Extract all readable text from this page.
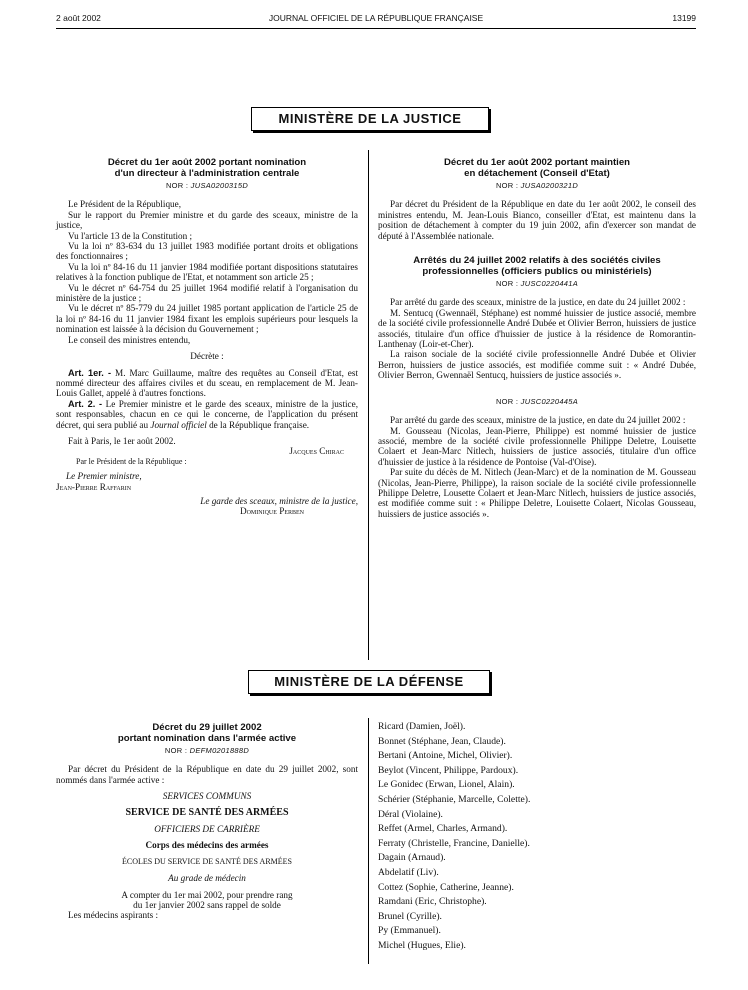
2 août 2002	JOURNAL OFFICIEL DE LA RÉPUBLIQUE FRANÇAISE	13199
MINISTÈRE DE LA JUSTICE
Décret du 1er août 2002 portant nomination
d'un directeur à l'administration centrale
NOR : JUSA0200315D

Le Président de la République,

Sur le rapport du Premier ministre et du garde des sceaux, ministre de la justice,

Vu l'article 13 de la Constitution ;

Vu la loi nº 83-634 du 13 juillet 1983 modifiée portant droits et obligations des fonctionnaires ;

Vu la loi nº 84-16 du 11 janvier 1984 modifiée portant dispositions statutaires relatives à la fonction publique de l'Etat, et notamment son article 25 ;

Vu le décret nº 64-754 du 25 juillet 1964 modifié relatif à l'organisation du ministère de la justice ;

Vu le décret nº 85-779 du 24 juillet 1985 portant application de l'article 25 de la loi nº 84-16 du 11 janvier 1984 fixant les emplois supérieurs pour lesquels la nomination est laissée à la décision du Gouvernement ;

Le conseil des ministres entendu,

Décrète :

Art. 1er. - M. Marc Guillaume, maître des requêtes au Conseil d'Etat, est nommé directeur des affaires civiles et du sceau, en remplacement de M. Jean-Louis Gallet, appelé à d'autres fonctions.

Art. 2. - Le Premier ministre et le garde des sceaux, ministre de la justice, sont responsables, chacun en ce qui le concerne, de l'application du présent décret, qui sera publié au Journal officiel de la République française.

Fait à Paris, le 1er août 2002.

Jacques Chirac

Par le Président de la République :

Le Premier ministre,

Jean-Pierre Raffarin

Le garde des sceaux, ministre de la justice,

Dominique Perben

Décret du 1er août 2002 portant maintien
en détachement (Conseil d'Etat)
NOR : JUSA0200321D

Par décret du Président de la République en date du 1er août 2002, le conseil des ministres entendu, M. Jean-Louis Bianco, conseiller d'Etat, est maintenu dans la position de détachement à compter du 19 juin 2002, afin d'exercer son mandat de député à l'Assemblée nationale.

Arrêtés du 24 juillet 2002 relatifs à des sociétés civiles
professionnelles (officiers publics ou ministériels)
NOR : JUSC0220441A

Par arrêté du garde des sceaux, ministre de la justice, en date du 24 juillet 2002 :

M. Sentucq (Gwennaël, Stéphane) est nommé huissier de justice associé, membre de la société civile professionnelle André Dubée et Olivier Berron, huissiers de justice associés, titulaire d'un office d'huissier de justice à la résidence de Romorantin-Lanthenay (Loir-et-Cher).

La raison sociale de la société civile professionnelle André Dubée et Olivier Berron, huissiers de justice associés, est modifiée comme suit : « André Dubée, Olivier Berron, Gwennaël Sentucq, huissiers de justice associés ».

NOR : JUSC0220445A

Par arrêté du garde des sceaux, ministre de la justice, en date du 24 juillet 2002 :

M. Gousseau (Nicolas, Jean-Pierre, Philippe) est nommé huissier de justice associé, membre de la société civile professionnelle Philippe Deletre, Louisette Colaert et Jean-Marc Nitlech, huissiers de justice associés, titulaire d'un office d'huissier de justice à la résidence de Pontoise (Val-d'Oise).

Par suite du décès de M. Nitlech (Jean-Marc) et de la nomination de M. Gousseau (Nicolas, Jean-Pierre, Philippe), la raison sociale de la société civile professionnelle Philippe Deletre, Lousette Colaert et Jean-Marc Nitlech, huissiers de justice associés, est modifiée comme suit : « Philippe Deletre, Louisette Colaert, Nicolas Gousseau, huissiers de justice associés ».

MINISTÈRE DE LA DÉFENSE
Décret du 29 juillet 2002
portant nomination dans l'armée active
NOR : DEFM0201888D

Par décret du Président de la République en date du 29 juillet 2002, sont nommés dans l'armée active :

SERVICES COMMUNS

SERVICE DE SANTÉ DES ARMÉES

OFFICIERS DE CARRIÈRE

Corps des médecins des armées

ÉCOLES DU SERVICE DE SANTÉ DES ARMÉES

Au grade de médecin

A compter du 1er mai 2002, pour prendre rang

du 1er janvier 2002 sans rappel de solde

Les médecins aspirants :

Ricard (Damien, Joël).

Bonnet (Stéphane, Jean, Claude).

Bertani (Antoine, Michel, Olivier).

Beylot (Vincent, Philippe, Pardoux).

Le Gonidec (Erwan, Lionel, Alain).

Schérier (Stéphanie, Marcelle, Colette).

Déral (Violaine).

Reffet (Armel, Charles, Armand).

Ferraty (Christelle, Francine, Danielle).

Dagain (Arnaud).

Abdelatif (Liv).

Cottez (Sophie, Catherine, Jeanne).

Ramdani (Eric, Christophe).

Brunel (Cyrille).

Py (Emmanuel).

Michel (Hugues, Elie).
